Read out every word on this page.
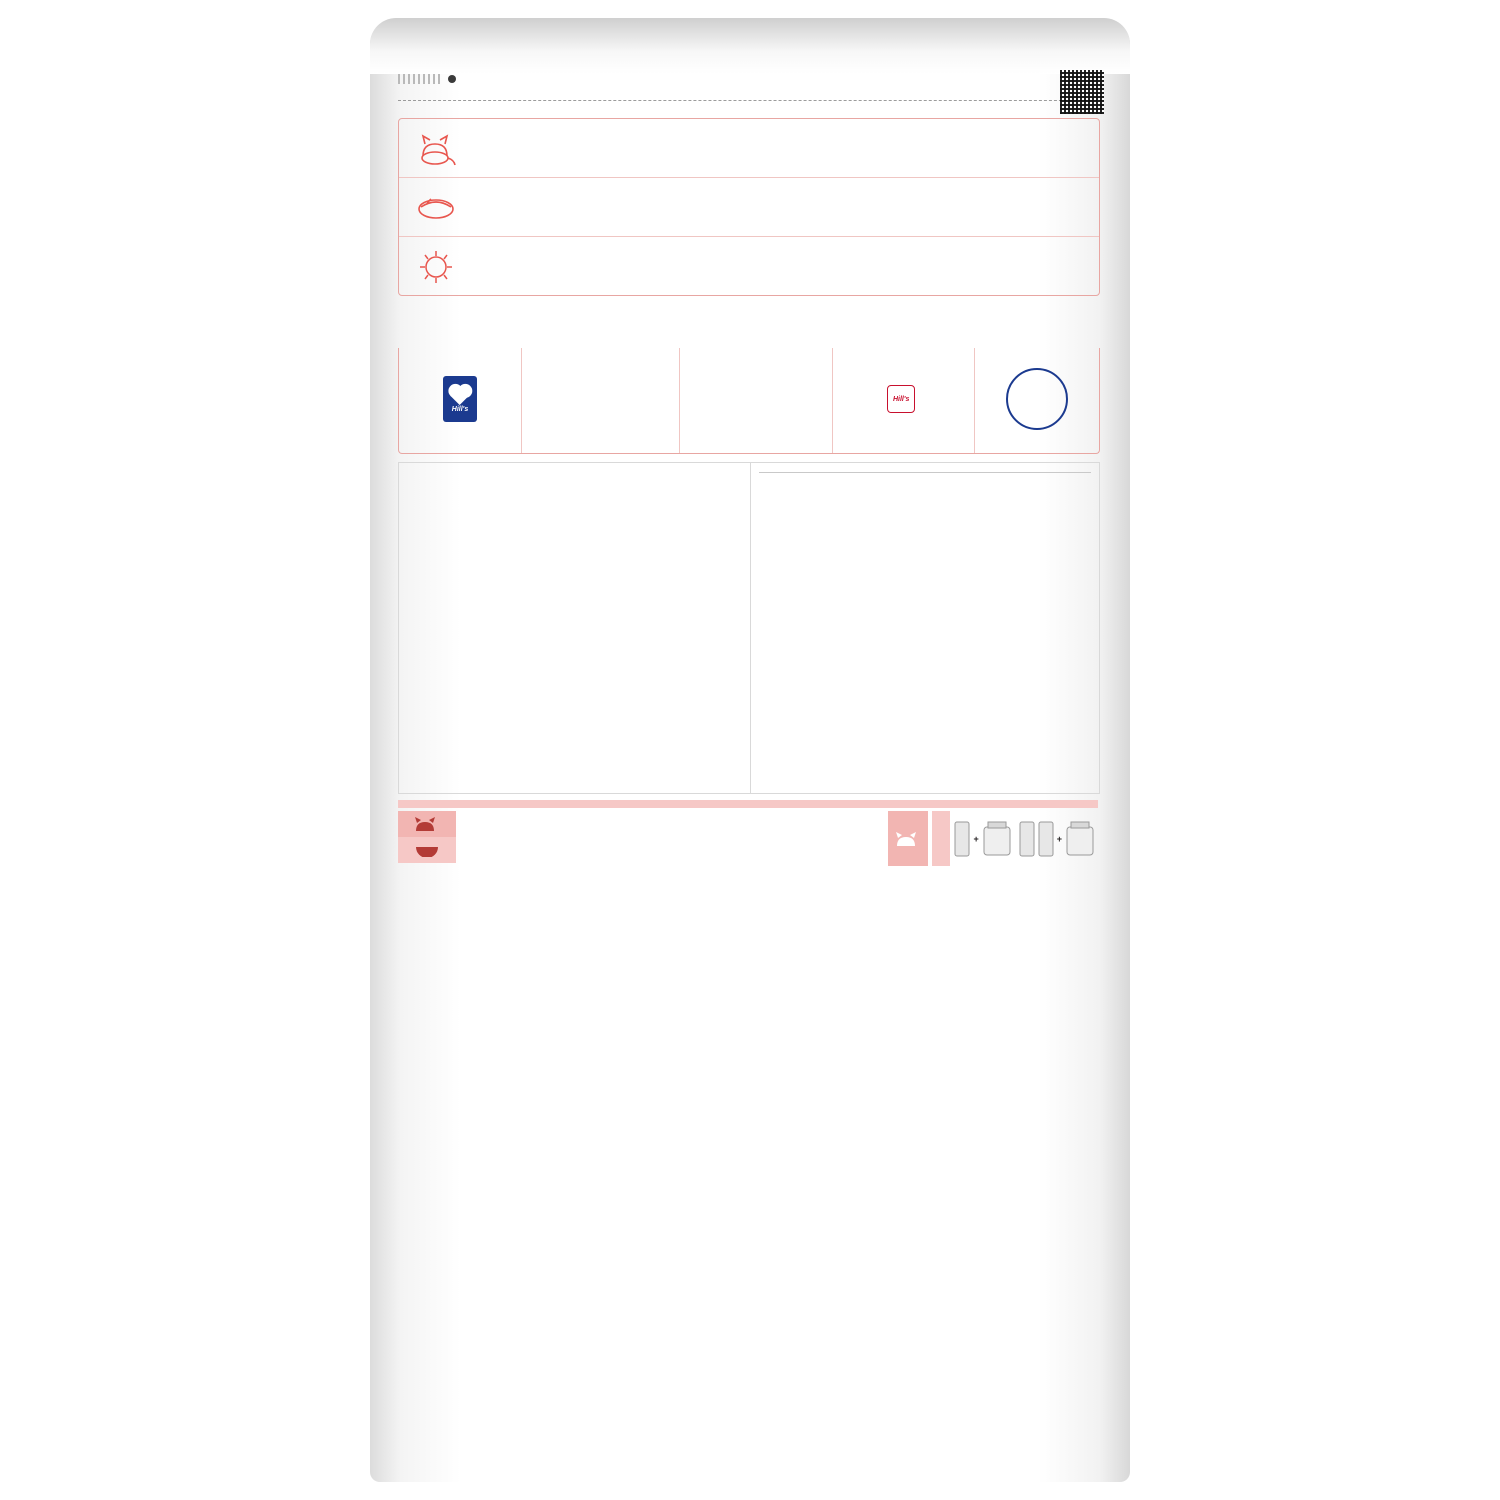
Hill's
Hill's
+	+
